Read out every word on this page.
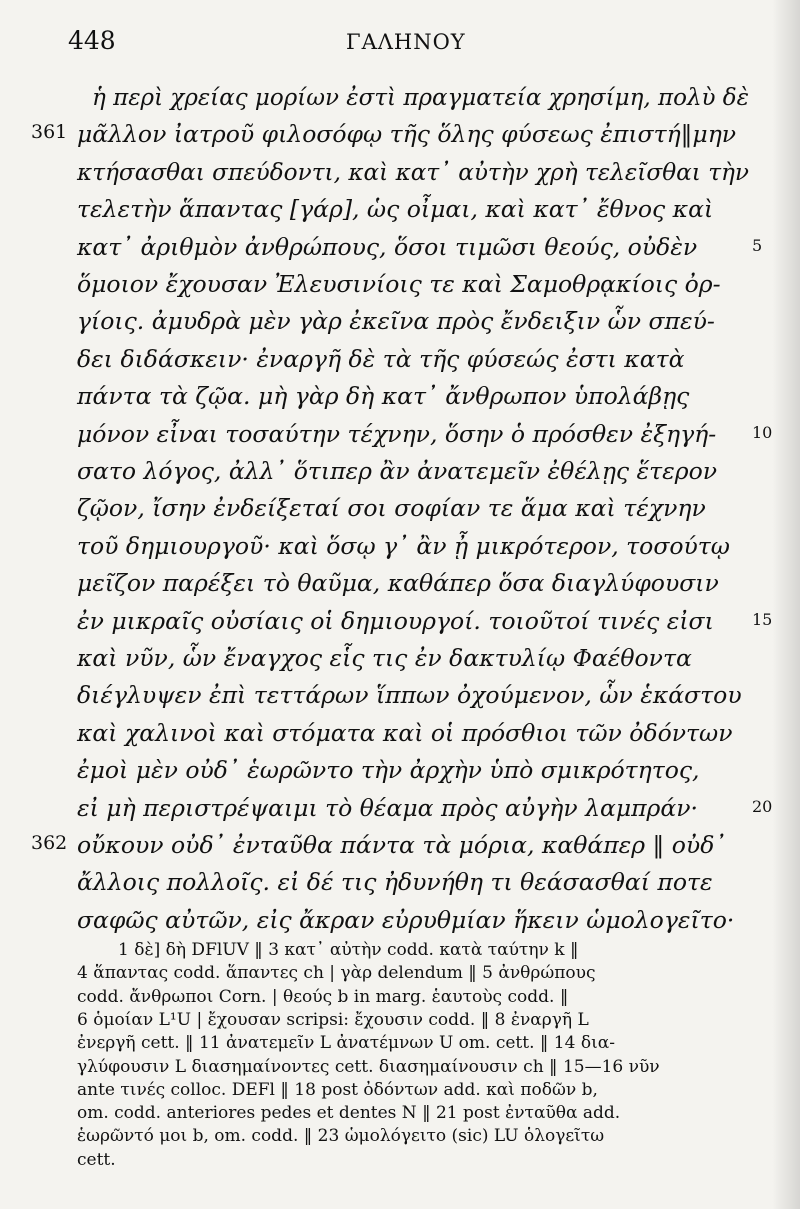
448	ΓΑΛΗΝΟΥ
ἡ περὶ χρείας μορίων ἐστὶ πραγματεία χρησίμη, πολὺ δὲ
μᾶλλον ἰατροῦ φιλοσόφῳ τῆς ὅλης φύσεως ἐπιστή‖μην
361
κτήσασθαι σπεύδοντι, καὶ κατ᾽ αὐτὴν χρὴ τελεῖσθαι τὴν
τελετὴν ἅπαντας [γάρ], ὡς οἶμαι, καὶ κατ᾽ ἔθνος καὶ
κατ᾽ ἀριθμὸν ἀνθρώπους, ὅσοι τιμῶσι θεούς, οὐδὲν	5
ὅμοιον ἔχουσαν Ἐλευσινίοις τε καὶ Σαμοθρᾳκίοις ὀρ-
γίοις. ἀμυδρὰ μὲν γὰρ ἐκεῖνα πρὸς ἔνδειξιν ὧν σπεύ-
δει διδάσκειν· ἐναργῆ δὲ τὰ τῆς φύσεώς ἐστι κατὰ
πάντα τὰ ζῷα. μὴ γὰρ δὴ κατ᾽ ἄνθρωπον ὑπολάβῃς
μόνον εἶναι τοσαύτην τέχνην, ὅσην ὁ πρόσθεν ἐξηγή- 10
σατο λόγος, ἀλλ᾽ ὅτιπερ ἂν ἀνατεμεῖν ἐθέλῃς ἕτερον
ζῷον, ἴσην ἐνδείξεταί σοι σοφίαν τε ἅμα καὶ τέχνην
τοῦ δημιουργοῦ· καὶ ὅσῳ γ᾽ ἂν ᾖ μικρότερον, τοσούτῳ
μεῖζον παρέξει τὸ θαῦμα, καθάπερ ὅσα διαγλύφουσιν
ἐν μικραῖς οὐσίαις οἱ δημιουργοί. τοιοῦτοί τινές εἰσι 15
καὶ νῦν, ὧν ἔναγχος εἷς τις ἐν δακτυλίῳ Φαέθοντα
διέγλυψεν ἐπὶ τεττάρων ἵππων ὀχούμενον, ὧν ἑκάστου
καὶ χαλινοὶ καὶ στόματα καὶ οἱ πρόσθιοι τῶν ὀδόντων
ἐμοὶ μὲν οὐδ᾽ ἑωρῶντο τὴν ἀρχὴν ὑπὸ σμικρότητος,
εἰ μὴ περιστρέψαιμι τὸ θέαμα πρὸς αὐγὴν λαμπράν·	20
οὔκουν οὐδ᾽ ἐνταῦθα πάντα τὰ μόρια, καθάπερ ‖ οὐδ᾽
362
ἄλλοις πολλοῖς. εἰ δέ τις ἠδυνήθη τι θεάσασθαί ποτε
σαφῶς αὐτῶν, εἰς ἄκραν εὐρυθμίαν ἥκειν ὡμολογεῖτο·
1 δὲ] δὴ DFlUV ‖ 3 κατ᾽ αὐτὴν codd. κατὰ ταύτην k ‖
4 ἅπαντας codd. ἅπαντες ch | γὰρ delendum ‖ 5 ἀνθρώπους
codd. ἄνθρωποι Corn. | θεούς b in marg. ἑαυτοὺς codd. ‖
6 ὁμοίαν L¹U | ἔχουσαν scripsi: ἔχουσιν codd. ‖ 8 ἐναργῆ L
ἐνεργῆ cett. ‖ 11 ἀνατεμεῖν L ἀνατέμνων U om. cett. ‖ 14 δια-
γλύφουσιν L διασημαίνοντες cett. διασημαίνουσιν ch ‖ 15—16 νῦν
ante τινές colloc. DEFl ‖ 18 post ὀδόντων add. καὶ ποδῶν b,
om. codd. anteriores pedes et dentes N ‖ 21 post ἐνταῦθα add.
ἑωρῶντό μοι b, om. codd. ‖ 23 ὡμολόγειτο (sic) LU ὁλογεῖτω
cett.
